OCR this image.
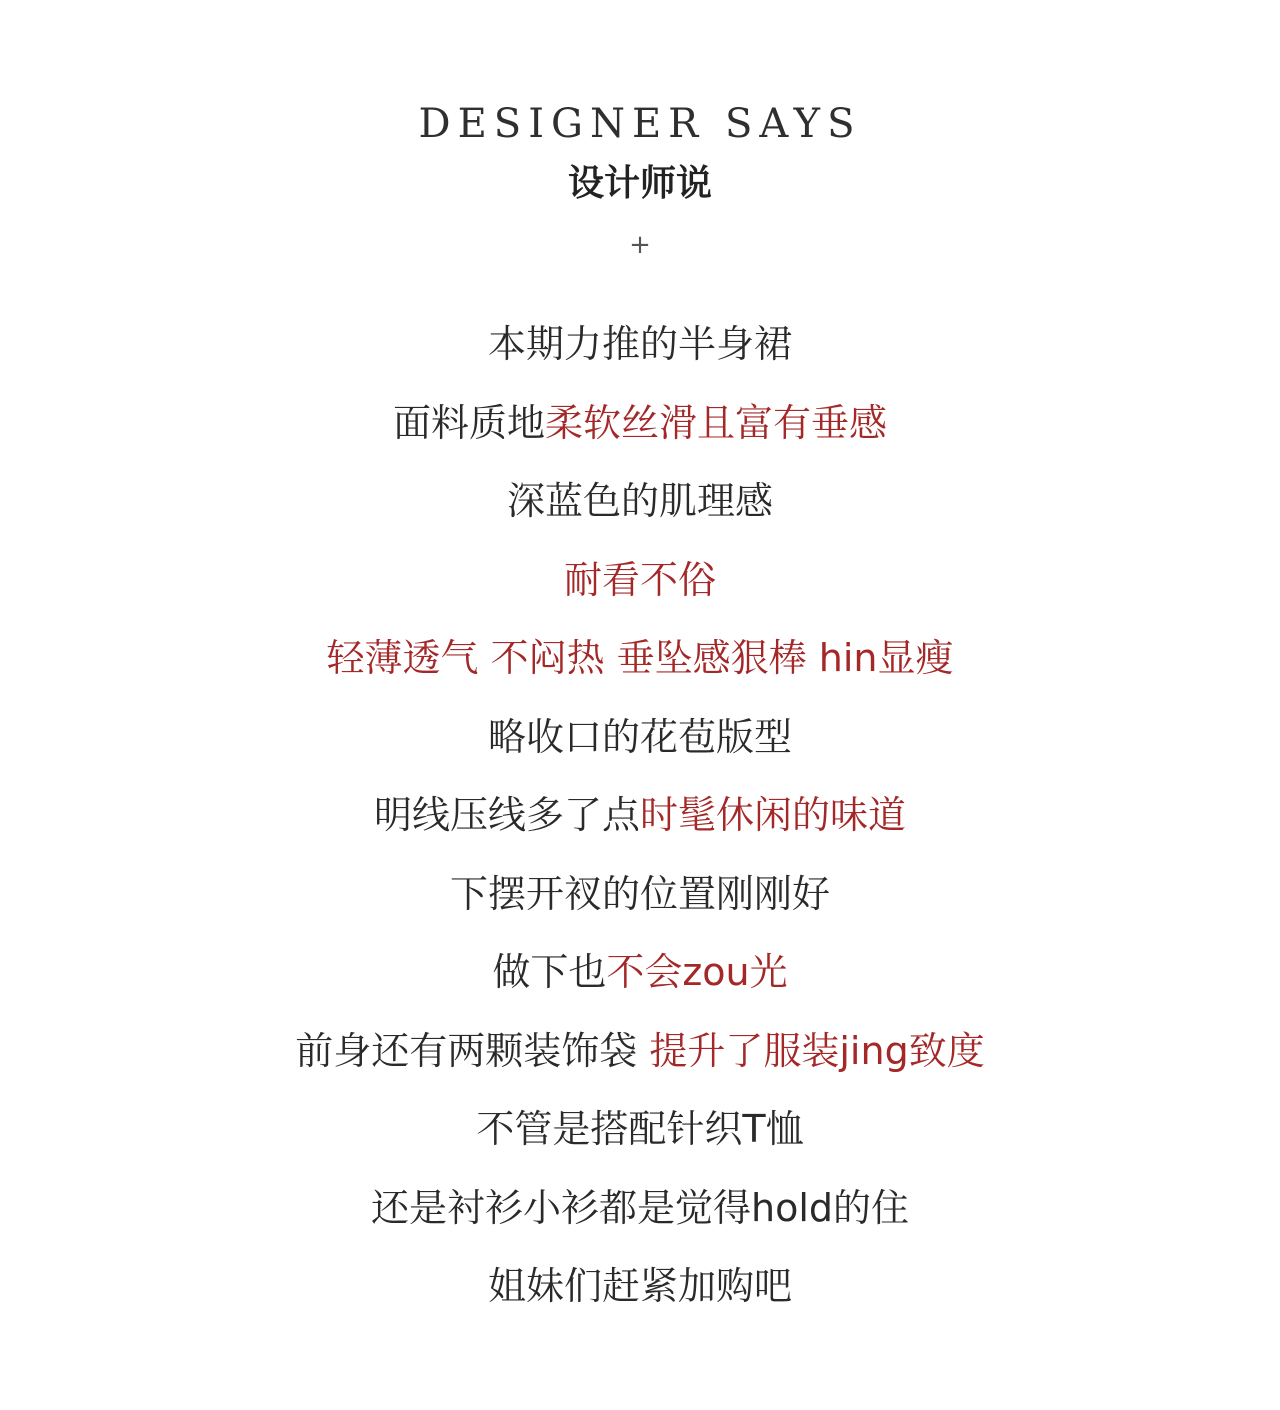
DESIGNER SAYS
设计师说
+
本期力推的半身裙
面料质地柔软丝滑且富有垂感
深蓝色的肌理感
耐看不俗
轻薄透气 不闷热 垂坠感狠棒 hin显瘦
略收口的花苞版型
明线压线多了点时髦休闲的味道
下摆开衩的位置刚刚好
做下也不会zou光
前身还有两颗装饰袋 提升了服装jing致度
不管是搭配针织T恤
还是衬衫小衫都是觉得hold的住
姐妹们赶紧加购吧
